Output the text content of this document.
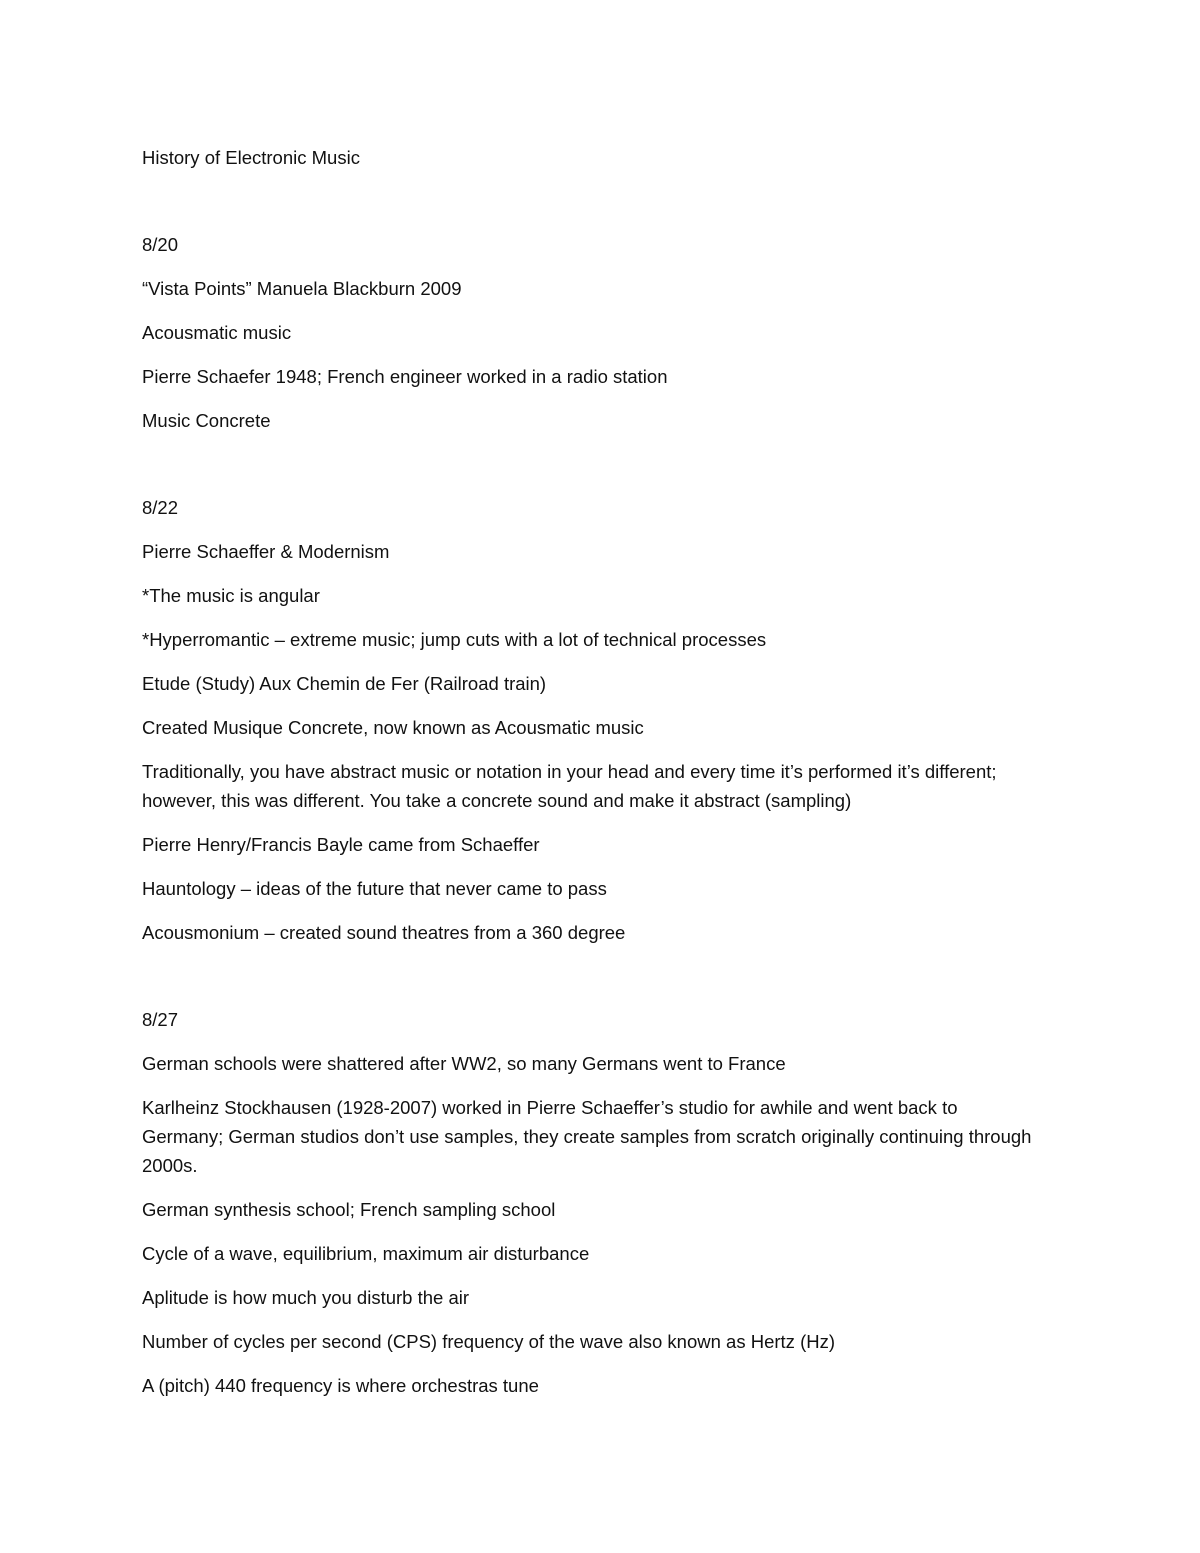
History of Electronic Music

8/20

“Vista Points” Manuela Blackburn 2009

Acousmatic music

Pierre Schaefer 1948; French engineer worked in a radio station

Music Concrete

8/22

Pierre Schaeffer & Modernism

*The music is angular

*Hyperromantic – extreme music; jump cuts with a lot of technical processes

Etude (Study) Aux Chemin de Fer (Railroad train)

Created Musique Concrete, now known as Acousmatic music

Traditionally, you have abstract music or notation in your head and every time it’s performed it’s different; however, this was different. You take a concrete sound and make it abstract (sampling)

Pierre Henry/Francis Bayle came from Schaeffer

Hauntology – ideas of the future that never came to pass

Acousmonium – created sound theatres from a 360 degree

8/27

German schools were shattered after WW2, so many Germans went to France

Karlheinz Stockhausen (1928-2007) worked in Pierre Schaeffer’s studio for awhile and went back to Germany; German studios don’t use samples, they create samples from scratch originally continuing through 2000s.

German synthesis school; French sampling school

Cycle of a wave, equilibrium, maximum air disturbance

Aplitude is how much you disturb the air

Number of cycles per second (CPS) frequency of the wave also known as Hertz (Hz)

A (pitch) 440 frequency is where orchestras tune
